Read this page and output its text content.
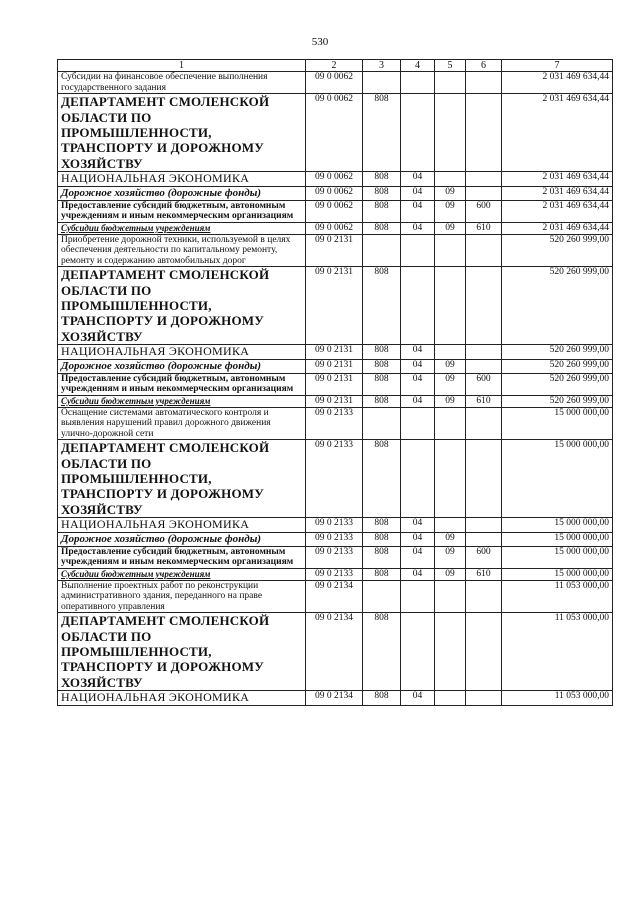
530
1	2	3	4	5	6	7
Субсидии на финансовое обеспечение выполнения государственного задания	09 0 0062					2 031 469 634,44
ДЕПАРТАМЕНТ СМОЛЕНСКОЙ ОБЛАСТИ ПО ПРОМЫШЛЕННОСТИ, ТРАНСПОРТУ И ДОРОЖНОМУ ХОЗЯЙСТВУ	09 0 0062	808				2 031 469 634,44
НАЦИОНАЛЬНАЯ ЭКОНОМИКА	09 0 0062	808	04			2 031 469 634,44
Дорожное хозяйство (дорожные фонды)	09 0 0062	808	04	09		2 031 469 634,44
Предоставление субсидий бюджетным, автономным учреждениям и иным некоммерческим организациям	09 0 0062	808	04	09	600	2 031 469 634,44
Субсидии бюджетным учреждениям	09 0 0062	808	04	09	610	2 031 469 634,44
Приобретение дорожной техники, используемой в целях обеспечения деятельности по капитальному ремонту, ремонту и содержанию автомобильных дорог	09 0 2131					520 260 999,00
ДЕПАРТАМЕНТ СМОЛЕНСКОЙ ОБЛАСТИ ПО ПРОМЫШЛЕННОСТИ, ТРАНСПОРТУ И ДОРОЖНОМУ ХОЗЯЙСТВУ	09 0 2131	808				520 260 999,00
НАЦИОНАЛЬНАЯ ЭКОНОМИКА	09 0 2131	808	04			520 260 999,00
Дорожное хозяйство (дорожные фонды)	09 0 2131	808	04	09		520 260 999,00
Предоставление субсидий бюджетным, автономным учреждениям и иным некоммерческим организациям	09 0 2131	808	04	09	600	520 260 999,00
Субсидии бюджетным учреждениям	09 0 2131	808	04	09	610	520 260 999,00
Оснащение системами автоматического контроля и выявления нарушений правил дорожного движения улично-дорожной сети	09 0 2133					15 000 000,00
ДЕПАРТАМЕНТ СМОЛЕНСКОЙ ОБЛАСТИ ПО ПРОМЫШЛЕННОСТИ, ТРАНСПОРТУ И ДОРОЖНОМУ ХОЗЯЙСТВУ	09 0 2133	808				15 000 000,00
НАЦИОНАЛЬНАЯ ЭКОНОМИКА	09 0 2133	808	04			15 000 000,00
Дорожное хозяйство (дорожные фонды)	09 0 2133	808	04	09		15 000 000,00
Предоставление субсидий бюджетным, автономным учреждениям и иным некоммерческим организациям	09 0 2133	808	04	09	600	15 000 000,00
Субсидии бюджетным учреждениям	09 0 2133	808	04	09	610	15 000 000,00
Выполнение проектных работ по реконструкции административного здания, переданного на праве оперативного управления	09 0 2134					11 053 000,00
ДЕПАРТАМЕНТ СМОЛЕНСКОЙ ОБЛАСТИ ПО ПРОМЫШЛЕННОСТИ, ТРАНСПОРТУ И ДОРОЖНОМУ ХОЗЯЙСТВУ	09 0 2134	808				11 053 000,00
НАЦИОНАЛЬНАЯ ЭКОНОМИКА	09 0 2134	808	04			11 053 000,00
